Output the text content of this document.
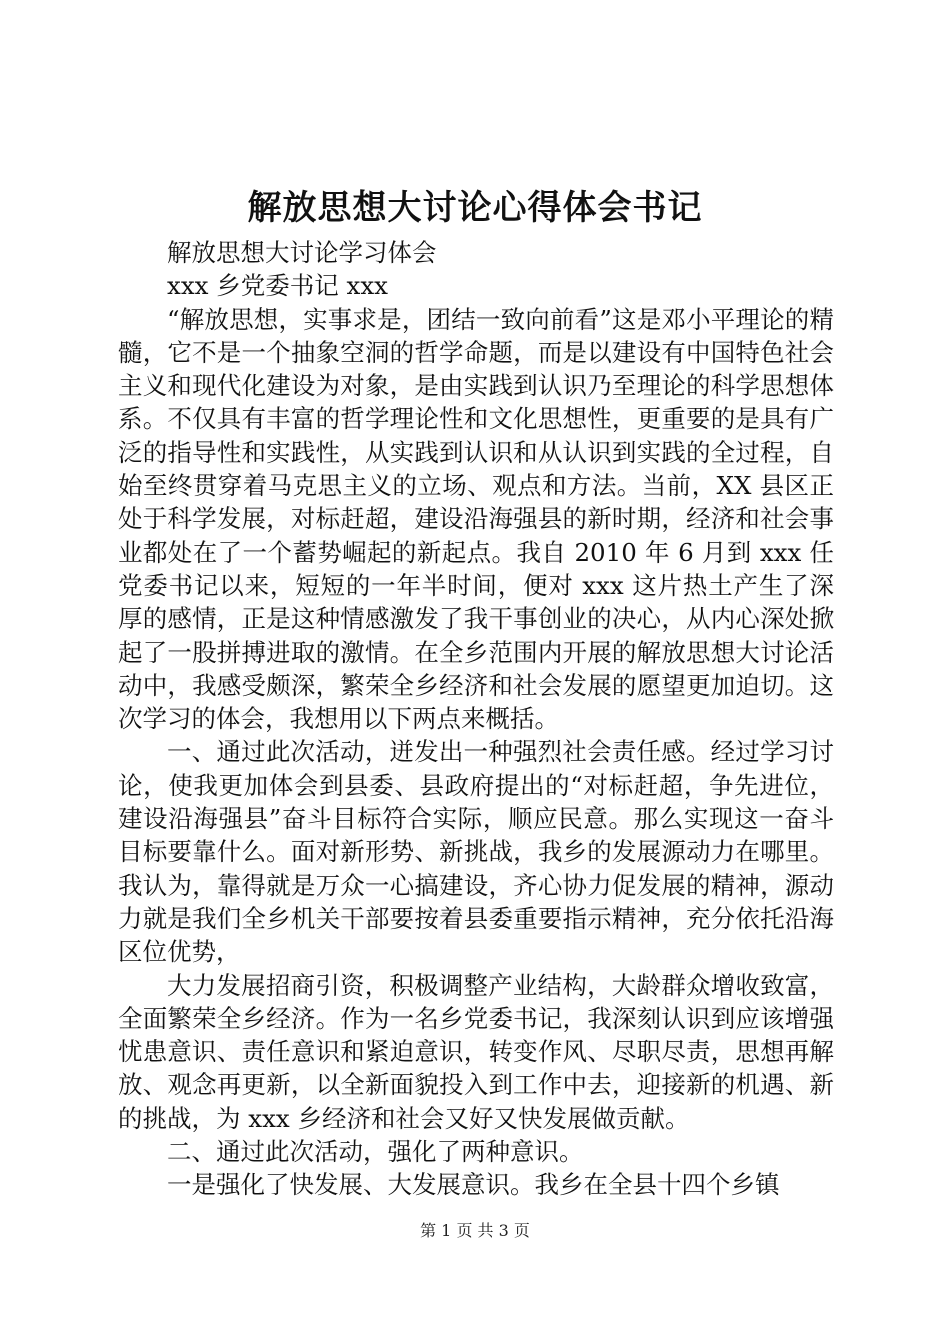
解放思想大讨论心得体会书记

解放思想大讨论学习体会

xxx 乡党委书记 xxx

“解放思想，实事求是，团结一致向前看”这是邓小平理论的精髓，它不是一个抽象空洞的哲学命题，而是以建设有中国特色社会主义和现代化建设为对象，是由实践到认识乃至理论的科学思想体系。不仅具有丰富的哲学理论性和文化思想性，更重要的是具有广泛的指导性和实践性，从实践到认识和从认识到实践的全过程，自始至终贯穿着马克思主义的立场、观点和方法。当前，XX 县区正处于科学发展，对标赶超，建设沿海强县的新时期，经济和社会事业都处在了一个蓄势崛起的新起点。我自 2010 年 6 月到 xxx 任党委书记以来，短短的一年半时间，便对 xxx 这片热土产生了深厚的感情，正是这种情感激发了我干事创业的决心，从内心深处掀起了一股拼搏进取的激情。在全乡范围内开展的解放思想大讨论活动中，我感受颇深，繁荣全乡经济和社会发展的愿望更加迫切。这次学习的体会，我想用以下两点来概括。

一、通过此次活动，迸发出一种强烈社会责任感。经过学习讨论，使我更加体会到县委、县政府提出的“对标赶超，争先进位，建设沿海强县”奋斗目标符合实际，顺应民意。那么实现这一奋斗目标要靠什么。面对新形势、新挑战，我乡的发展源动力在哪里。我认为，靠得就是万众一心搞建设，齐心协力促发展的精神，源动力就是我们全乡机关干部要按着县委重要指示精神，充分依托沿海区位优势，

大力发展招商引资，积极调整产业结构，大龄群众增收致富，全面繁荣全乡经济。作为一名乡党委书记，我深刻认识到应该增强忧患意识、责任意识和紧迫意识，转变作风、尽职尽责，思想再解放、观念再更新，以全新面貌投入到工作中去，迎接新的机遇、新的挑战，为 xxx 乡经济和社会又好又快发展做贡献。

二、通过此次活动，强化了两种意识。

一是强化了快发展、大发展意识。我乡在全县十四个乡镇

第 1 页 共 3 页
